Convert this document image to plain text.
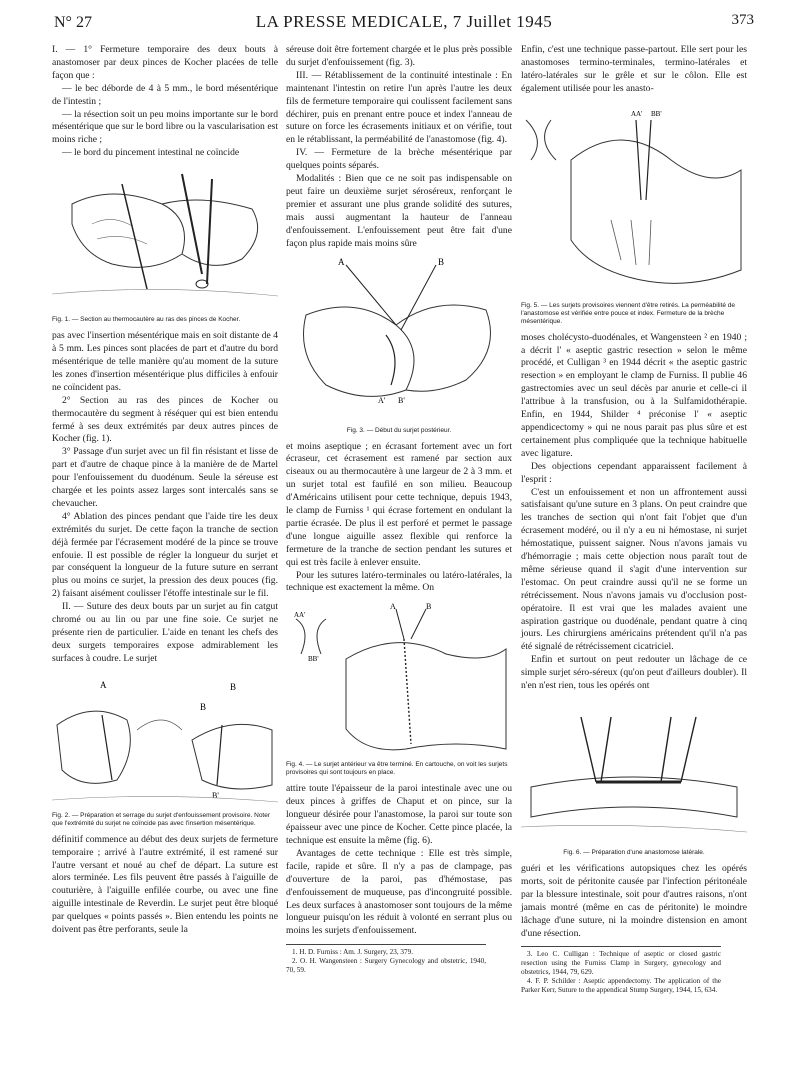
N° 27	LA PRESSE MEDICALE, 7 Juillet 1945	373

I. — 1° Fermeture temporaire des deux bouts à anastomoser par deux pinces de Kocher placées de telle façon que :

— le bec déborde de 4 à 5 mm., le bord mésentérique de l'intestin ;

— la résection soit un peu moins importante sur le bord mésentérique que sur le bord libre ou la vascularisation est moins riche ;

— le bord du pincement intestinal ne coïncide

Fig. 1. — Section au thermocautère au ras des pinces de Kocher.

pas avec l'insertion mésentérique mais en soit distante de 4 à 5 mm. Les pinces sont placées de part et d'autre du bord mésentérique de telle manière qu'au moment de la suture les zones d'insertion mésentérique plus difficiles à enfouir ne coïncident pas.

2° Section au ras des pinces de Kocher ou thermocautère du segment à réséquer qui est bien entendu fermé à ses deux extrémités par deux autres pinces de Kocher (fig. 1).

3° Passage d'un surjet avec un fil fin résistant et lisse de part et d'autre de chaque pince à la manière de de Martel pour l'enfouissement du duodénum. Seule la séreuse est chargée et les points assez larges sont intercalés sans se chevaucher.

4° Ablation des pinces pendant que l'aide tire les deux extrémités du surjet. De cette façon la tranche de section déjà fermée par l'écrasement modéré de la pince se trouve enfouie. Il est possible de régler la longueur du surjet et par conséquent la longueur de la future suture en serrant plus ou moins ce surjet, la pression des deux pouces (fig. 2) faisant aisément coulisser l'étoffe intestinale sur le fil.

II. — Suture des deux bouts par un surjet au fin catgut chromé ou au lin ou par une fine soie. Ce surjet ne présente rien de particulier. L'aide en tenant les chefs des deux surgets temporaires expose admirablement les surfaces à coudre. Le surjet

A	B
B
B'
Fig. 2. — Préparation et serrage du surjet d'enfouissement provisoire. Noter que l'extrémité du surjet ne coïncide pas avec l'insertion mésentérique.

définitif commence au début des deux surjets de fermeture temporaire ; arrivé à l'autre extrémité, il est ramené sur l'autre versant et noué au chef de départ. La suture est alors terminée. Les fils peuvent être passés à l'aiguille de couturière, à l'aiguille enfilée courbe, ou avec une fine aiguille intestinale de Reverdin. Le surjet peut être bloqué par quelques « points passés ». Bien entendu les points ne doivent pas être perforants, seule la

séreuse doit être fortement chargée et le plus près possible du surjet d'enfouissement (fig. 3).

III. — Rétablissement de la continuité intestinale : En maintenant l'intestin on retire l'un après l'autre les deux fils de fermeture temporaire qui coulissent facilement sans déchirer, puis en prenant entre pouce et index l'anneau de suture on force les écrasements initiaux et on vérifie, tout en le rétablissant, la perméabilité de l'anastomose (fig. 4).

IV. — Fermeture de la brèche mésentérique par quelques points séparés.

Modalités : Bien que ce ne soit pas indispensable on peut faire un deuxième surjet séroséreux, renforçant le premier et assurant une plus grande solidité des sutures, mais aussi augmentant la hauteur de l'anneau d'enfouissement. L'enfouissement peut être fait d'une façon plus rapide mais moins sûre

A	B
A' B'
Fig. 3. — Début du surjet postérieur.

et moins aseptique ; en écrasant fortement avec un fort écraseur, cet écrasement est ramené par section aux ciseaux ou au thermocautère à une largeur de 2 à 3 mm. et un surjet total est faufilé en son milieu. Beaucoup d'Américains utilisent pour cette technique, depuis 1943, le clamp de Furniss ¹ qui écrase fortement en ondulant la partie écrasée. De plus il est perforé et permet le passage d'une longue aiguille assez flexible qui renforce la fermeture de la tranche de section pendant les sutures et qui est très facile à enlever ensuite.

Pour les sutures latéro-terminales ou latéro-latérales, la technique est exactement la même. On

AA'
BB'
A	B
Fig. 4. — Le surjet antérieur va être terminé. En cartouche, on voit les surjets provisoires qui sont toujours en place.

attire toute l'épaisseur de la paroi intestinale avec une ou deux pinces à griffes de Chaput et on pince, sur la longueur désirée pour l'anastomose, la paroi sur toute son épaisseur avec une pince de Kocher. Cette pince placée, la technique est ensuite la même (fig. 6).

Avantages de cette technique : Elle est très simple, facile, rapide et sûre. Il n'y a pas de clampage, pas d'ouverture de la paroi, pas d'hémostase, pas d'enfouissement de muqueuse, pas d'incongruité possible. Les deux surfaces à anastomoser sont toujours de la même longueur puisqu'on les réduit à volonté en serrant plus ou moins les surjets d'enfouissement.

1. H. D. Furniss : Am. J. Surgery, 23, 379.

2. O. H. Wangensteen : Surgery Gynecology and obstetric, 1940, 70, 59.

Enfin, c'est une technique passe-partout. Elle sert pour les anastomoses termino-terminales, termino-latérales et latéro-latérales sur le grêle et sur le côlon. Elle est également utilisée pour les anasto-

AA' BB'
Fig. 5. — Les surjets provisoires viennent d'être retirés. La perméabilité de l'anastomose est vérifiée entre pouce et index. Fermeture de la brèche mésentérique.

moses cholécysto-duodénales, et Wangensteen ² en 1940 ; a décrit l' « aseptic gastric resection » selon le même procédé, et Culligan ³ en 1944 décrit « the aseptic gastric resection » en employant le clamp de Furniss. Il publie 46 gastrectomies avec un seul décès par anurie et celle-ci il l'attribue à la transfusion, ou à la Sulfamidothérapie. Enfin, en 1944, Shilder ⁴ préconise l' « aseptic appendicectomy » qui ne nous parait pas plus sûre et est certainement plus compliquée que la technique habituelle avec ligature.

Des objections cependant apparaissent facilement à l'esprit :

C'est un enfouissement et non un affrontement aussi satisfaisant qu'une suture en 3 plans. On peut craindre que les tranches de section qui n'ont fait l'objet que d'un écrasement modéré, ou il n'y a eu ni hémostase, ni surjet hémostatique, puissent saigner. Nous n'avons jamais vu d'hémorragie ; mais cette objection nous paraît tout de même sérieuse quand il s'agit d'une intervention sur l'estomac. On peut craindre aussi qu'il ne se forme un rétrécissement. Nous n'avons jamais vu d'occlusion post-opératoire. Il est vrai que les malades avaient une aspiration gastrique ou duodénale, pendant quatre à cinq jours. Les chirurgiens américains prétendent qu'il n'a pas été signalé de rétrécissement cicatriciel.

Enfin et surtout on peut redouter un lâchage de ce simple surjet séro-séreux (qu'on peut d'ailleurs doubler). Il n'en n'est rien, tous les opérés ont

Fig. 6. — Préparation d'une anastomose latérale.

guéri et les vérifications autopsiques chez les opérés morts, soit de péritonite causée par l'infection péritonéale par la blessure intestinale, soit pour d'autres raisons, n'ont jamais montré (même en cas de péritonite) le moindre lâchage d'une suture, ni la moindre distension en amont d'une résection.

3. Leo C. Culligan : Technique of aseptic or closed gastric resection using the Furniss Clamp in Surgery, gynecology and obstetrics, 1944, 79, 629.

4. F. P. Schilder : Aseptic appendectomy. The application of the Parker Kerr, Suture to the appendical Stump Surgery, 1944, 15, 634.
